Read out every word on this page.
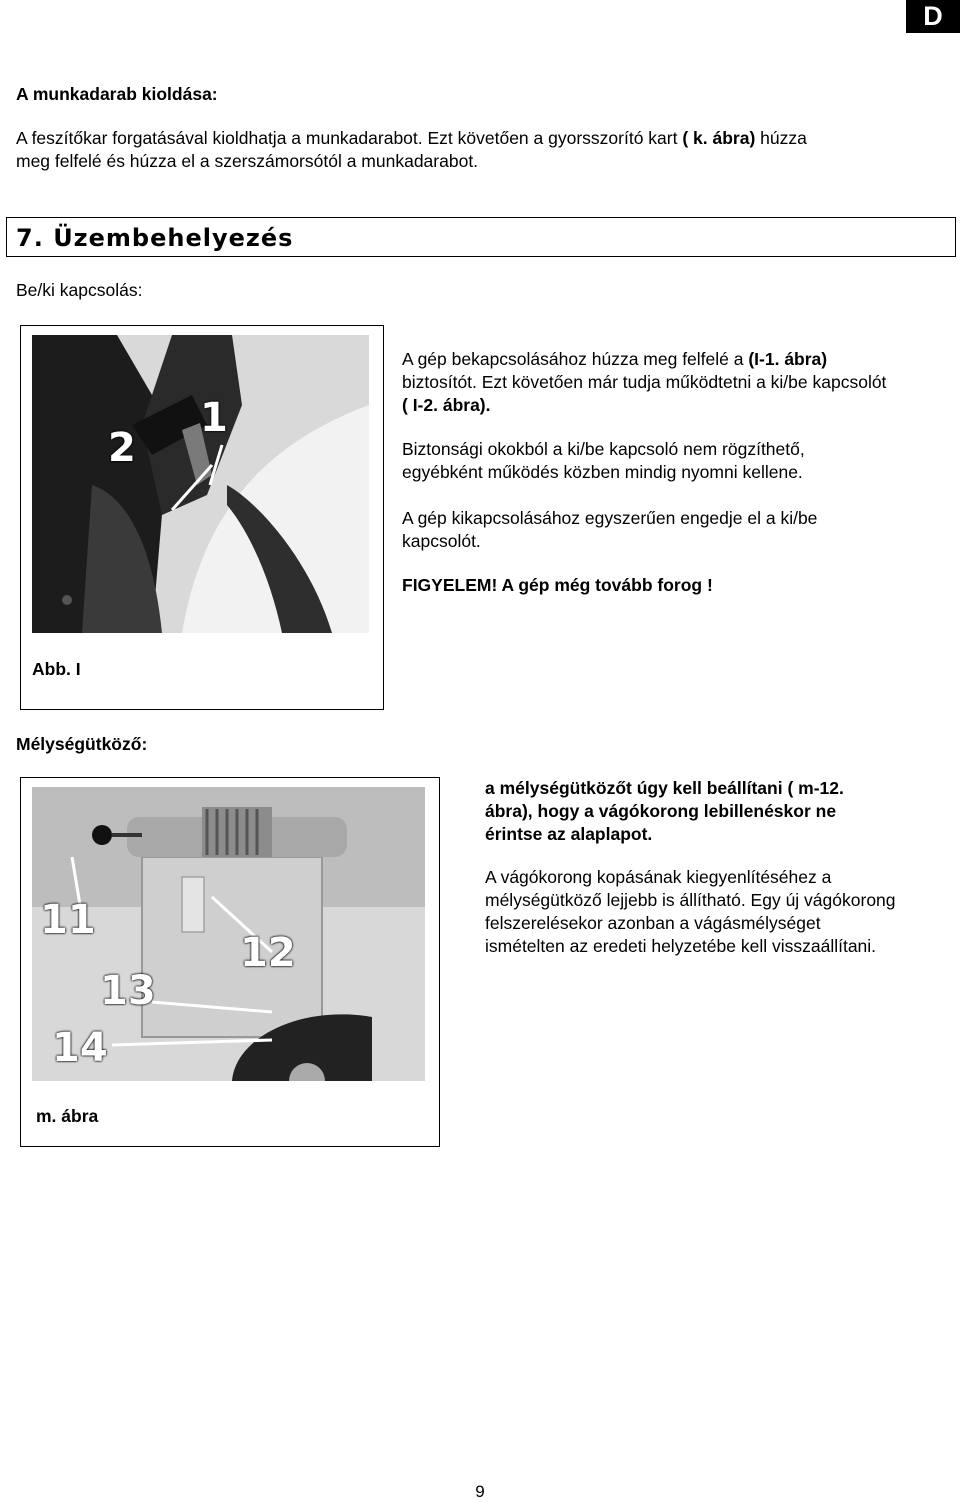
D
A munkadarab kioldása:
A feszítőkar forgatásával kioldhatja a munkadarabot. Ezt követően a gyorsszorító kart ( k. ábra) húzza
meg felfelé és húzza el a szerszámorsótól a munkadarabot.
7. Üzembehelyezés
Be/ki kapcsolás:
1
2
Abb. I
A gép bekapcsolásához húzza meg felfelé a (I-1. ábra)
biztosítót. Ezt követően már tudja működtetni a ki/be kapcsolót
( I-2. ábra).
Biztonsági okokból a ki/be kapcsoló nem rögzíthető,
egyébként működés közben mindig nyomni kellene.
A gép kikapcsolásához egyszerűen engedje el a ki/be
kapcsolót.
FIGYELEM! A gép még tovább forog !
Mélységütköző:
11
12
13
14
m. ábra
a mélységütközőt úgy kell beállítani ( m-12.
ábra), hogy a vágókorong lebillenéskor ne
érintse az alaplapot.
A vágókorong kopásának kiegyenlítéséhez a
mélységütköző lejjebb is állítható. Egy új vágókorong
felszerelésekor azonban a vágásmélységet
ismételten az eredeti helyzetébe kell visszaállítani.
9
